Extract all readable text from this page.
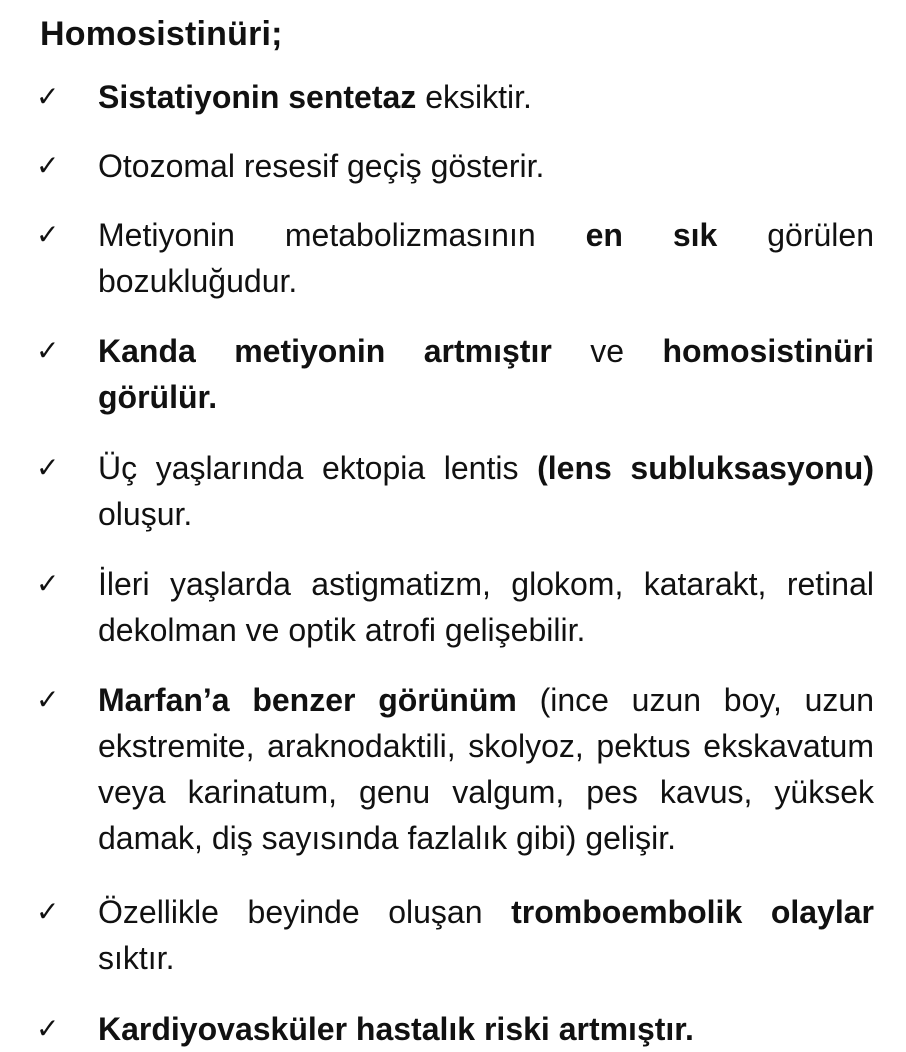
Homosistinüri;
✓	Sistatiyonin sentetaz eksiktir.
✓	Otozomal resesif geçiş gösterir.
✓	Metiyonin metabolizmasının en sık görülen bozukluğudur.
✓	Kanda metiyonin artmıştır ve homosistinüri görülür.
✓	Üç yaşlarında ektopia lentis (lens subluksasyonu) oluşur.
✓	İleri yaşlarda astigmatizm, glokom, katarakt, retinal dekolman ve optik atrofi gelişebilir.
✓	Marfan’a benzer görünüm (ince uzun boy, uzun ekstremite, araknodaktili, skolyoz, pektus ekskavatum veya karinatum, genu valgum, pes kavus, yüksek damak, diş sayısında fazlalık gibi) gelişir.
✓	Özellikle beyinde oluşan tromboembolik olaylar sıktır.
✓	Kardiyovasküler hastalık riski artmıştır.
